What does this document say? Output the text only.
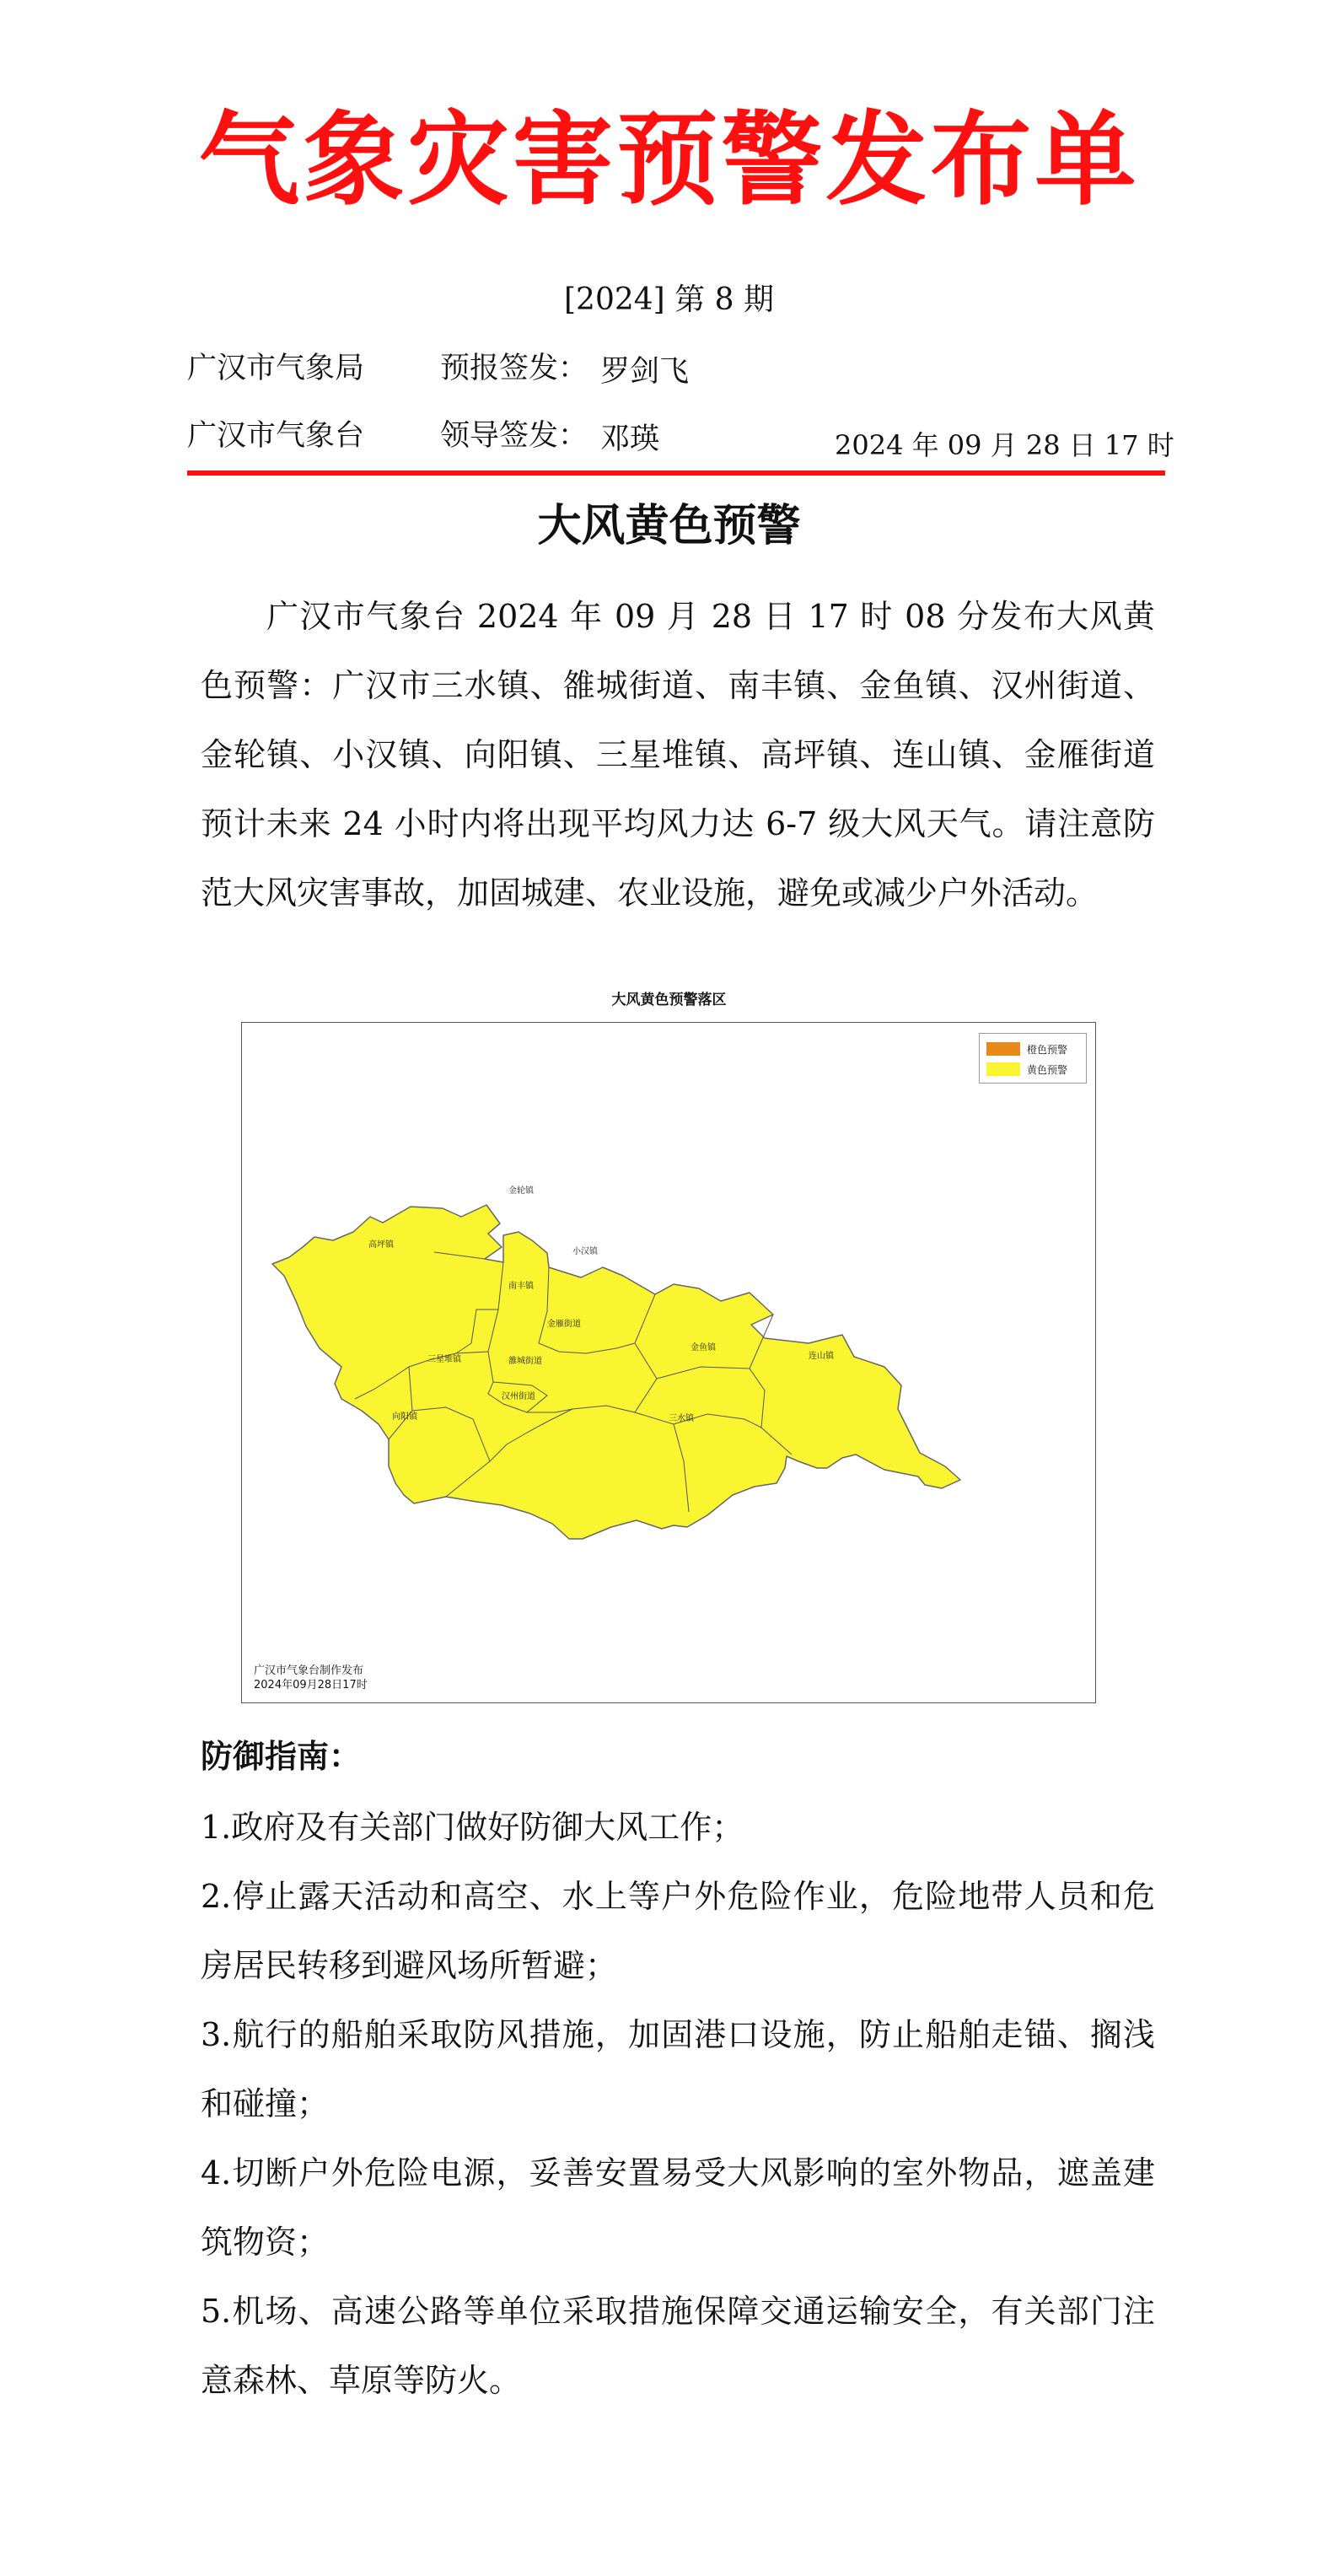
气象灾害预警发布单
[2024] 第 8 期
广汉市气象局
广汉市气象台
预报签发： 罗剑飞
领导签发： 邓瑛	2024 年 09 月 28 日 17 时
大风黄色预警

广汉市气象台 2024 年 09 月 28 日 17 时 08 分发布大风黄色预警：广汉市三水镇、雒城街道、南丰镇、金鱼镇、汉州街道、金轮镇、小汉镇、向阳镇、三星堆镇、高坪镇、连山镇、金雁街道预计未来 24 小时内将出现平均风力达 6-7 级大风天气。请注意防范大风灾害事故，加固城建、农业设施，避免或减少户外活动。

大风黄色预警落区
金轮镇
高坪镇
小汉镇
南丰镇
金雁街道
金鱼镇
连山镇
三星堆镇	雒城街道
汉州街道
向阳镇	三水镇
橙色预警
黄色预警
广汉市气象台制作发布
2024年09月28日17时
防御指南：
1.政府及有关部门做好防御大风工作；
2.停止露天活动和高空、水上等户外危险作业，危险地带人员和危房居民转移到避风场所暂避；
3.航行的船舶采取防风措施，加固港口设施，防止船舶走锚、搁浅和碰撞；
4.切断户外危险电源，妥善安置易受大风影响的室外物品，遮盖建筑物资；
5.机场、高速公路等单位采取措施保障交通运输安全，有关部门注意森林、草原等防火。
